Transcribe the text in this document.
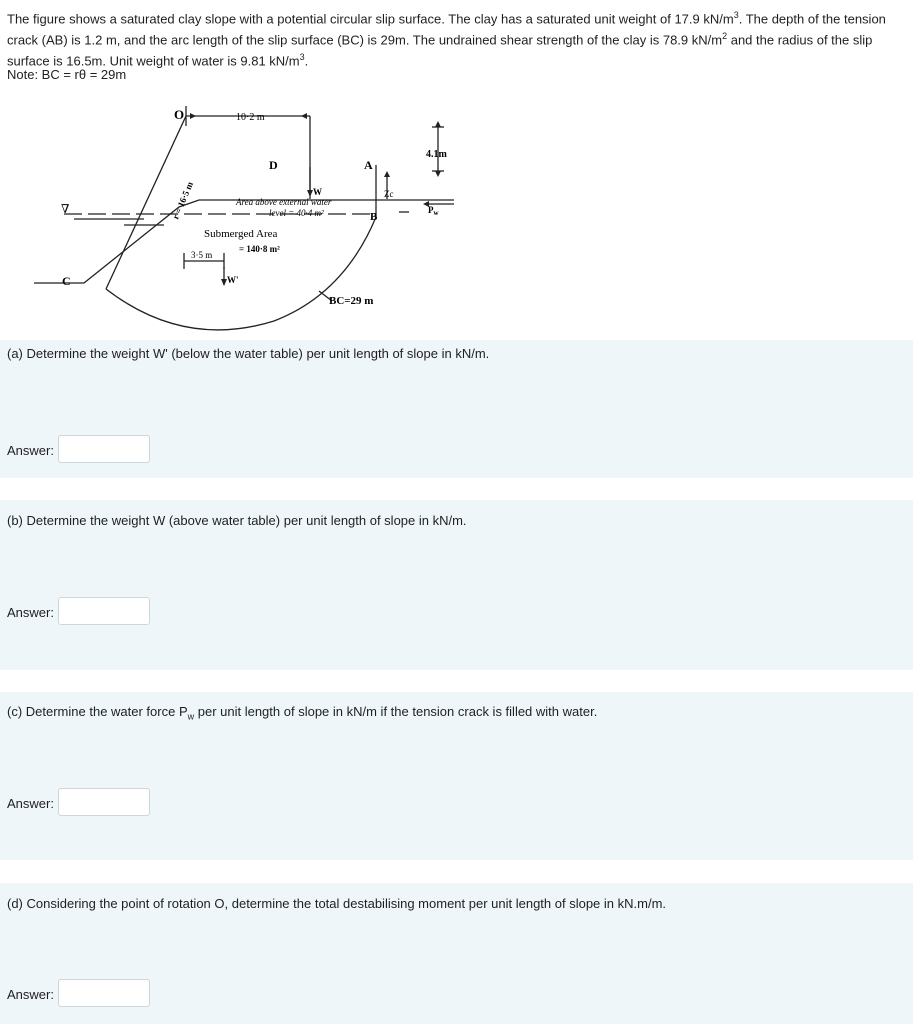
The figure shows a saturated clay slope with a potential circular slip surface. The clay has a saturated unit weight of 17.9 $kN/m^3$. The depth of the tension crack (AB) is 1.2 m, and the arc length of the slip surface (BC) is 29m. The undrained shear strength of the clay is 78.9 $kN/m^2$ and the radius of the slip surface is 16.5m. Unit weight of water is 9.81 $kN/m^3$.
Note: BC = rθ = 29m
O	10·2 m
D	A
B
C
W
W'
Zc
$P_w$
4.1m
r = 16·5 m	Area above external water
level = 40·4 m²
Submerged Area
= 140·8 m²
3·5 m
BC=29 m
∇
(a) Determine the weight W' (below the water table) per unit length of slope in kN/m.
Answer:
(b) Determine the weight W (above water table) per unit length of slope in kN/m.
Answer:
(c) Determine the water force $P_w$ per unit length of slope in kN/m if the tension crack is filled with water.
Answer:
(d) Considering the point of rotation O, determine the total destabilising moment per unit length of slope in kN.m/m.
Answer:
